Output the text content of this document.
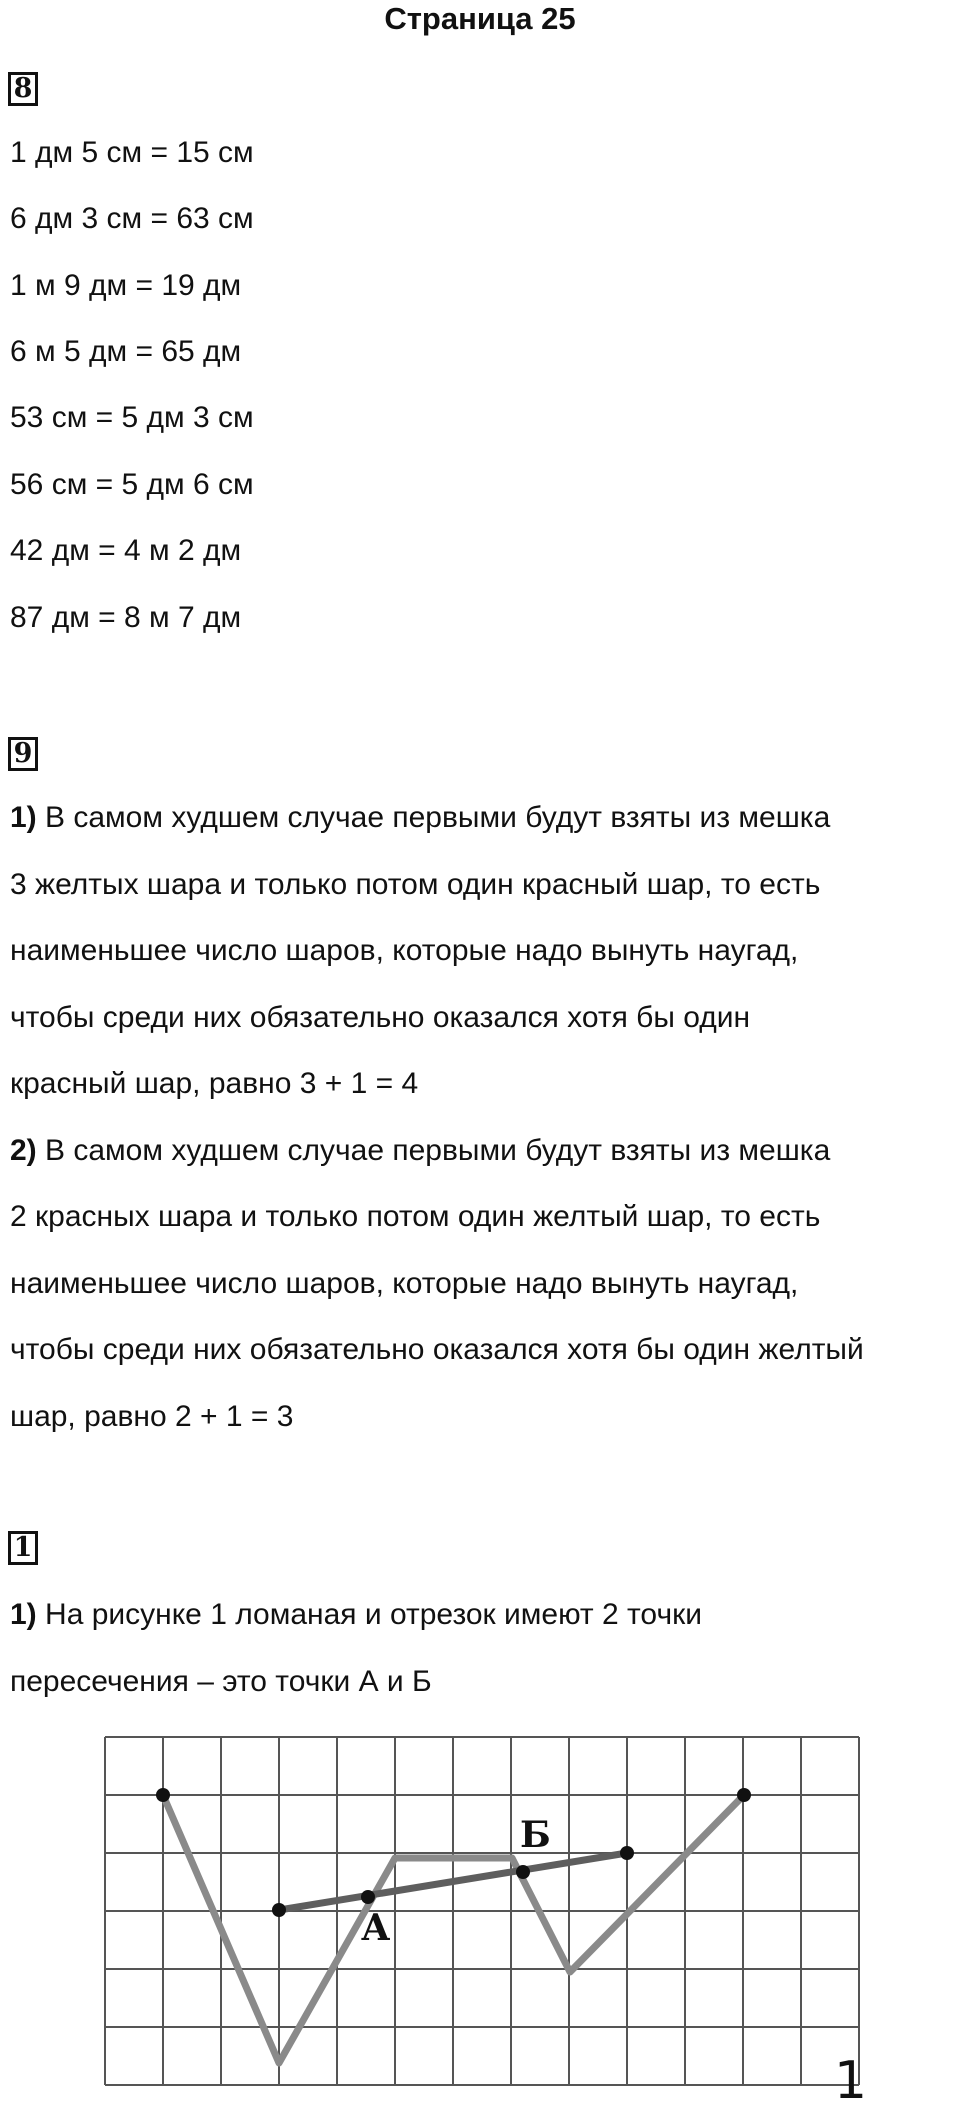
Страница 25
8
1 дм 5 см = 15 см
6 дм 3 см = 63 см
1 м 9 дм = 19 дм
6 м 5 дм = 65 дм
53 см = 5 дм 3 см
56 см = 5 дм 6 см
42 дм = 4 м 2 дм
87 дм = 8 м 7 дм
9
1) В самом худшем случае первыми будут взяты из мешка
3 желтых шара и только потом один красный шар, то есть
наименьшее число шаров, которые надо вынуть наугад,
чтобы среди них обязательно оказался хотя бы один
красный шар, равно 3 + 1 = 4
2) В самом худшем случае первыми будут взяты из мешка
2 красных шара и только потом один желтый шар, то есть
наименьшее число шаров, которые надо вынуть наугад,
чтобы среди них обязательно оказался хотя бы один желтый
шар, равно 2 + 1 = 3
1
1) На рисунке 1 ломаная и отрезок имеют 2 точки
пересечения – это точки А и Б
А
Б
1
